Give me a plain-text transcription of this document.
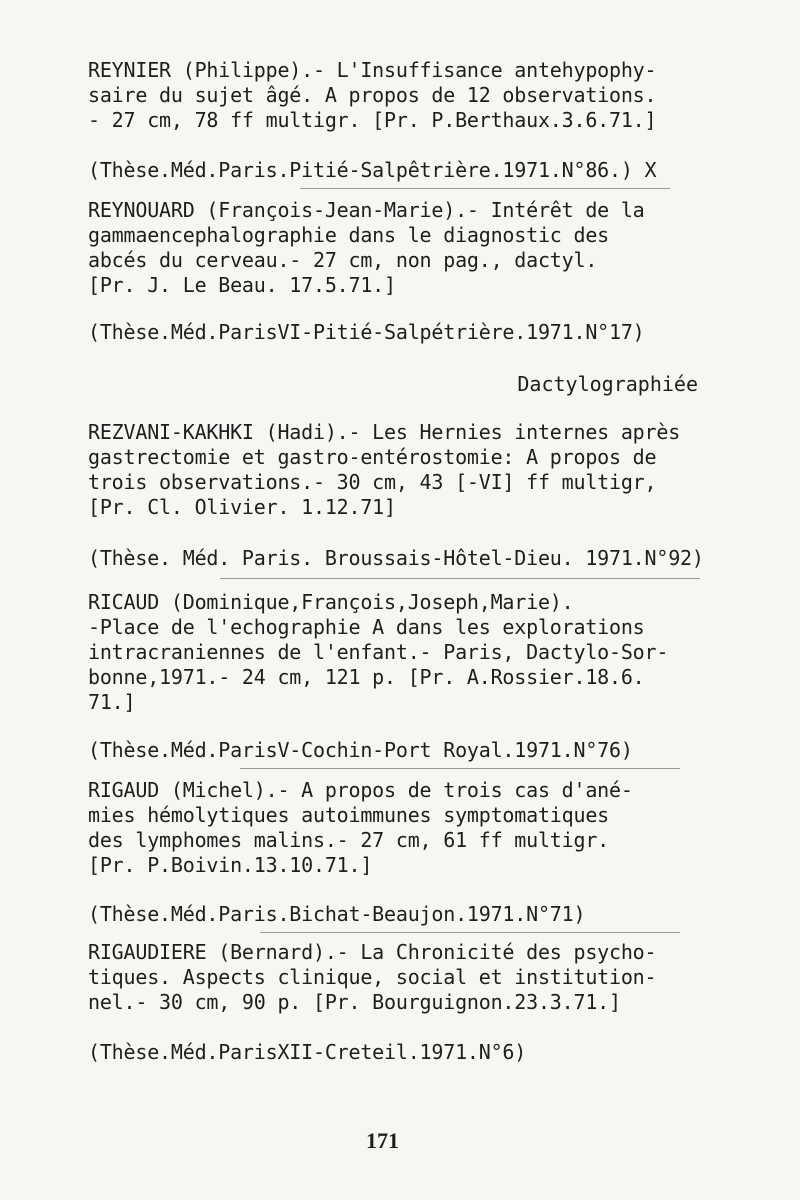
REYNIER (Philippe).- L'Insuffisance antehypophy-
saire du sujet âgé. A propos de 12 observations.
- 27 cm, 78 ff multigr. [Pr. P.Berthaux.3.6.71.]
(Thèse.Méd.Paris.Pitié-Salpêtrière.1971.N°86.) X
REYNOUARD (François-Jean-Marie).- Intérêt de la
gammaencephalographie dans le diagnostic des
abcés du cerveau.- 27 cm, non pag., dactyl.
[Pr. J. Le Beau. 17.5.71.]
(Thèse.Méd.ParisVI-Pitié-Salpétrière.1971.N°17)
Dactylographiée
REZVANI-KAKHKI (Hadi).- Les Hernies internes après
gastrectomie et gastro-entérostomie: A propos de
trois observations.- 30 cm, 43 [-VI] ff multigr,
[Pr. Cl. Olivier. 1.12.71]
(Thèse. Méd. Paris. Broussais-Hôtel-Dieu. 1971.N°92)
RICAUD (Dominique,François,Joseph,Marie).
-Place de l'echographie A dans les explorations
intracraniennes de l'enfant.- Paris, Dactylo-Sor-
bonne,1971.- 24 cm, 121 p. [Pr. A.Rossier.18.6.
71.]
(Thèse.Méd.ParisV-Cochin-Port Royal.1971.N°76)
RIGAUD (Michel).- A propos de trois cas d'ané-
mies hémolytiques autoimmunes symptomatiques
des lymphomes malins.- 27 cm, 61 ff multigr.
[Pr. P.Boivin.13.10.71.]
(Thèse.Méd.Paris.Bichat-Beaujon.1971.N°71)
RIGAUDIERE (Bernard).- La Chronicité des psycho-
tiques. Aspects clinique, social et institution-
nel.- 30 cm, 90 p. [Pr. Bourguignon.23.3.71.]
(Thèse.Méd.ParisXII-Creteil.1971.N°6)
171
